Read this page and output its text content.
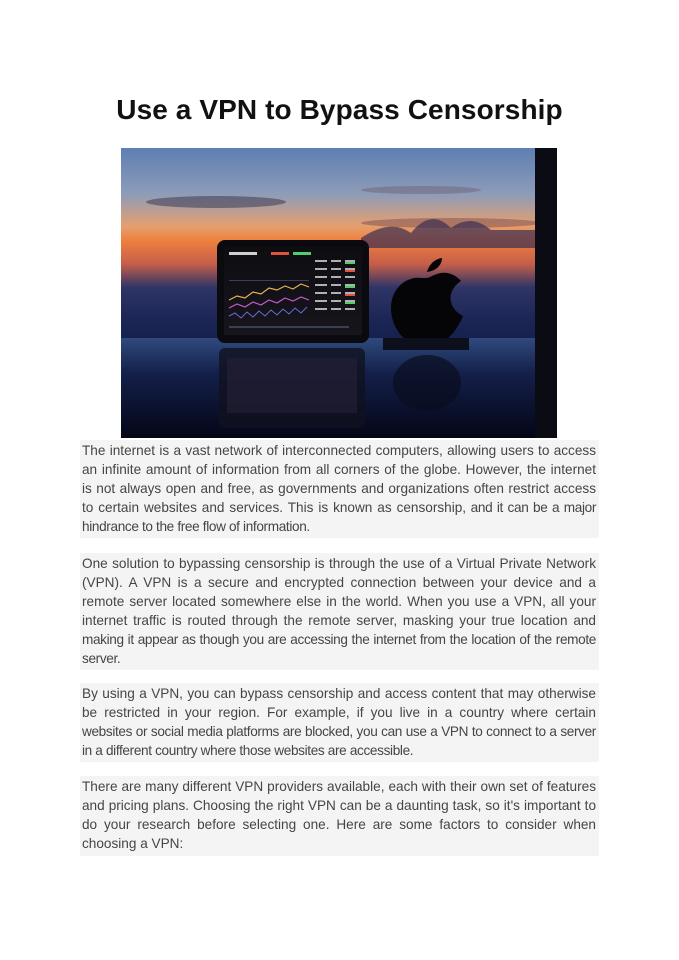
Use a VPN to Bypass Censorship
The internet is a vast network of interconnected computers, allowing users to access an infinite amount of information from all corners of the globe. However, the internet is not always open and free, as governments and organizations often restrict access to certain websites and services. This is known as censorship, and it can be a major hindrance to the free flow of information.
One solution to bypassing censorship is through the use of a Virtual Private Network (VPN). A VPN is a secure and encrypted connection between your device and a remote server located somewhere else in the world. When you use a VPN, all your internet traffic is routed through the remote server, masking your true location and making it appear as though you are accessing the internet from the location of the remote server.
By using a VPN, you can bypass censorship and access content that may otherwise be restricted in your region. For example, if you live in a country where certain websites or social media platforms are blocked, you can use a VPN to connect to a server in a different country where those websites are accessible.
There are many different VPN providers available, each with their own set of features and pricing plans. Choosing the right VPN can be a daunting task, so it's important to do your research before selecting one. Here are some factors to consider when choosing a VPN:
